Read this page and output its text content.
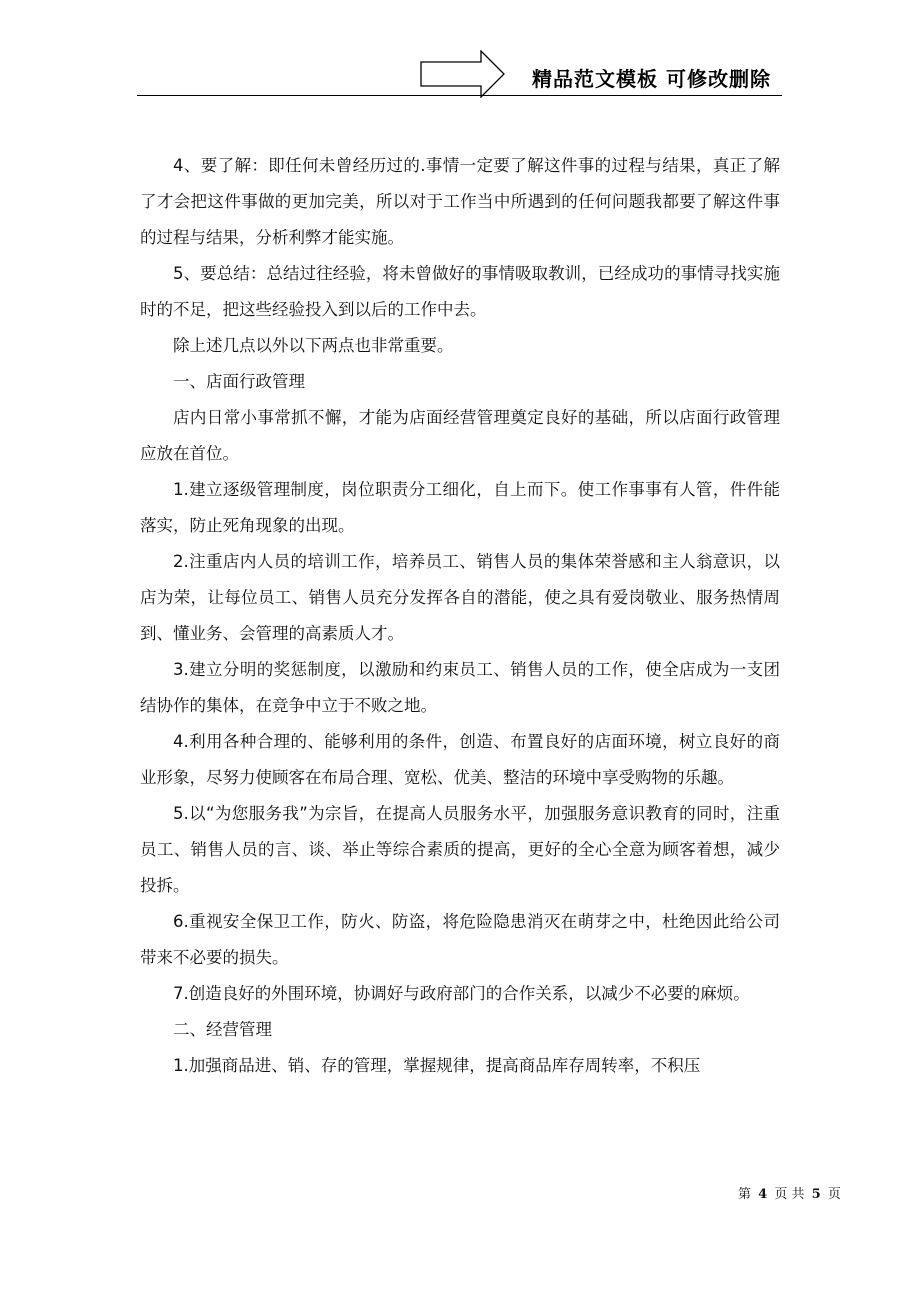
精品范文模板 可修改删除

4、要了解：即任何未曾经历过的.事情一定要了解这件事的过程与结果，真正了解了才会把这件事做的更加完美，所以对于工作当中所遇到的任何问题我都要了解这件事的过程与结果，分析利弊才能实施。

5、要总结：总结过往经验，将未曾做好的事情吸取教训，已经成功的事情寻找实施时的不足，把这些经验投入到以后的工作中去。

除上述几点以外以下两点也非常重要。

一、店面行政管理

店内日常小事常抓不懈，才能为店面经营管理奠定良好的基础，所以店面行政管理应放在首位。

1.建立逐级管理制度，岗位职责分工细化，自上而下。使工作事事有人管，件件能落实，防止死角现象的出现。

2.注重店内人员的培训工作，培养员工、销售人员的集体荣誉感和主人翁意识，以店为荣，让每位员工、销售人员充分发挥各自的潜能，使之具有爱岗敬业、服务热情周到、懂业务、会管理的高素质人才。

3.建立分明的奖惩制度，以激励和约束员工、销售人员的工作，使全店成为一支团结协作的集体，在竞争中立于不败之地。

4.利用各种合理的、能够利用的条件，创造、布置良好的店面环境，树立良好的商业形象，尽努力使顾客在布局合理、宽松、优美、整洁的环境中享受购物的乐趣。

5.以“为您服务我”为宗旨，在提高人员服务水平，加强服务意识教育的同时，注重员工、销售人员的言、谈、举止等综合素质的提高，更好的全心全意为顾客着想，减少投拆。

6.重视安全保卫工作，防火、防盗，将危险隐患消灭在萌芽之中，杜绝因此给公司带来不必要的损失。

7.创造良好的外围环境，协调好与政府部门的合作关系，以减少不必要的麻烦。

二、经营管理

1.加强商品进、销、存的管理，掌握规律，提高商品库存周转率，不积压

第 4 页 共 5 页
